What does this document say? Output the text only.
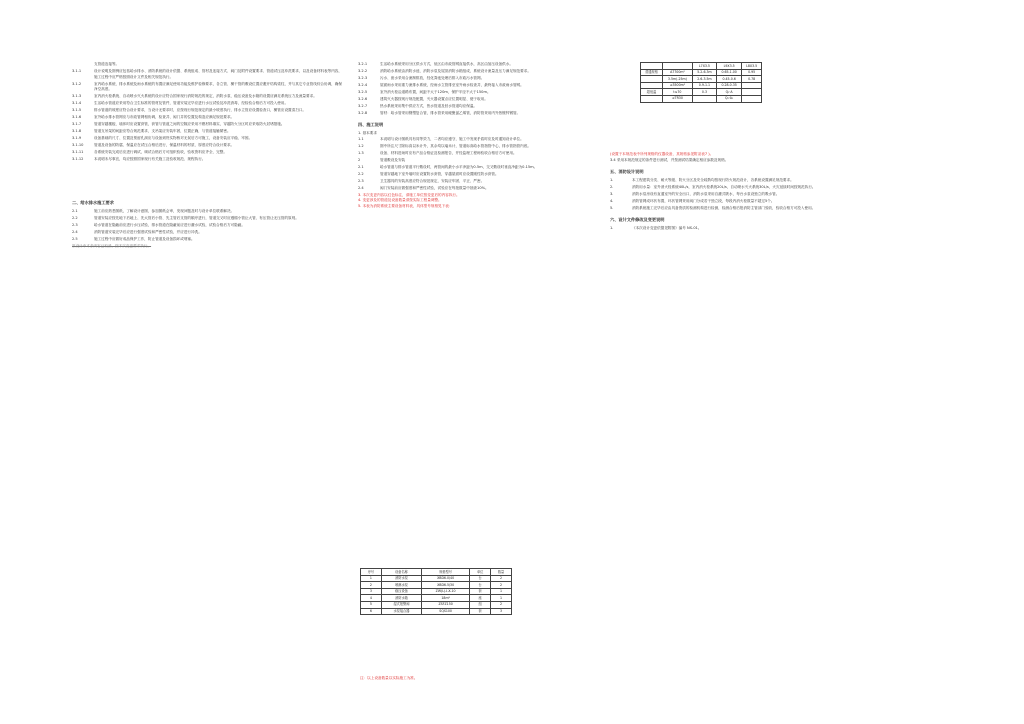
支管道连接等。
3.1.1	设计说明及图例应包括给水排水、消防系统的设计依据、系统组成、管材及连接方式、阀门及附件设置要求、管道试压及冲洗要求，以及设备材料表等内容，施工过程中应严格按照设计文件及相关规范执行。
3.1.2	室内给水系统、排水系统及雨水系统的布置应满足使用功能及维护检修要求，各立管、横干管的敷设位置应避开结构梁柱，并与其它专业管线综合协调，确保净空高度。
3.1.3	室内消火栓系统、自动喷水灭火系统的设计应符合国家现行消防规范的规定，消防水泵、稳压设备及水箱的设置应满足系统压力及流量要求。
3.1.4	生活给水管道应采用符合卫生标准的管材及管件，管道安装完毕应进行水压试验及冲洗消毒，经检验合格后方可投入使用。
3.1.5	排水管道的坡度应符合设计要求，当设计无要求时，应按现行规范规定的最小坡度执行，排水立管应设置检查口，横管应设置清扫口。
3.1.6	室外给水排水管网应与市政管网相协调，检查井、阀门井的位置及构造应满足规范要求。
3.1.7	管道穿越楼板、墙体时应设置套管，套管与管道之间的空隙应采用不燃材料填实，穿越防火分区时应采取防火封堵措施。
3.1.8	管道支吊架的间距应符合规范要求，支吊架应安装牢固，位置正确，与管道接触紧密。
3.1.9	设备基础的尺寸、位置及预留孔洞应与设备到货实物核对无误后方可施工，设备安装应平稳、牢固。
3.1.10	管道及设备的防腐、保温应在试压合格后进行，保温材料的材质、厚度应符合设计要求。
3.1.11	各系统安装完成后应进行调试，调试合格后方可组织验收，验收资料应齐全、完整。
3.1.12	本说明未尽事宜，均应按照国家现行有关施工及验收规范、规程执行。
二、给水排水施工要求
2.1	施工前应熟悉图纸，了解设计意图，参加图纸会审，发现问题及时与设计单位联系解决。
2.2	管道安装应按先地下后地上、先大管后小管、先主管后支管的顺序进行，管道交叉时应遵循小管让大管、有压管让无压管的原则。
2.3	给水管道在隐蔽前应进行水压试验，排水管道在隐蔽前应进行灌水试验，试验合格后方可隐蔽。
2.4	消防管道安装完毕后应进行强度试验和严密性试验，并应进行冲洗。
2.5	施工过程中应做好成品保护工作，防止管道及设备损坏或堵塞。
原设计中本条内容已取消，按本次变更要求执行。
3.2.1	生活给水系统采用分区供水方式，低区由市政管网直接供水，高区由加压设备供水。
3.2.2	消防给水系统由消防水池、消防水泵及屋顶消防水箱组成，系统设计流量及压力满足规范要求。
3.2.3	污水、废水采用合流制排放，经化粪池处理后排入市政污水管网。
3.2.4	屋面雨水采用重力流排水系统，经雨水立管排至室外雨水检查井，最终接入市政雨水管网。
3.2.5	室外消火栓沿道路布置，间距不大于120m，保护半径不大于150m。
3.2.6	建筑灭火器按现行规范配置，灭火器设置点应位置明显、便于取用。
3.2.7	热水系统采用集中供应方式，热水管道及回水管道均应保温。
3.2.8	管材：给水管采用钢塑复合管，排水管采用硬聚氯乙烯管，消防管采用内外热镀锌钢管。
四、施工说明
1. 基本要求
1.1	本说明与设计图纸具有同等效力，二者均应遵守，施工中发现矛盾时应及时通知设计单位。
1.2	图中所注尺寸除标高以米计外，其余均以毫米计，管道标高给水管指管中心，排水管指管内底。
1.3	设备、材料进场时应有产品合格证及检测报告，并经监理工程师验收合格后方可使用。
2	管道敷设及安装
2.1	给水管道与排水管道平行敷设时，两管间的最小水平净距为0.5m，交叉敷设时垂直净距为0.15m。
2.2	管道穿越地下室外墙时应设置防水套管，穿越屋面时应设置刚性防水套管。
2.3	卫生器具的安装高度应符合规范规定，安装应牢固、平正、严密。
2.4	阀门安装前应做强度和严密性试验，试验应在每批数量中抽查10%。
3. 本次变更内容以红色标注，请施工单位按变更后的内容执行。
4. 变更涉及的管道及设备数量请按实际工程量调整。
5. 本表为消防系统主要设备材料表，具体型号规格见下表：
序号	设备名称	规格型号	单位	数量
1	消防水泵	XBD6.0/40	台	2
2	喷淋水泵	XBD6.5/30	台	2
3	稳压设备	ZW(L)-I-X-10	套	1
4	消防水箱	18m³	座	1
5	湿式报警阀	ZSFZ150	组	2
6	水泵接合器	SQS100	套	3
注：以上设备数量以实际施工为准。
		L7X3.5	L9X3.5	L8X3.5
普通规格	A7700m²	5.2-6.3m	0.65-1.00	0.95
	3.5m(-25m)	2.6-3.5m	0.45-0.6	0.78
	≥3500m²	0.9-1.1	0.28-0.35	
超低温	t≤70	0.3	Q₁·A	
	≥TR30		Q₂·A₁	
(设置于本规范表中所列规格的仪器设备，其规格参见附录表7 )。
3.4 采用本规范规定的条件进行测试，并按测试结果确定相应参数及规格。
五、消防设计说明
1.	本工程建筑分类、耐火等级、防火分区及安全疏散均按现行防火规范设计，各系统设置满足规范要求。
2.	消防用水量：室外消火栓系统40L/s，室内消火栓系统20L/s，自动喷水灭火系统30L/s，火灾延续时间按规范执行。
3.	消防水泵房设有直通室外的安全出口，消防水泵采用自灌式吸水，每台水泵设独立的吸水管。
4.	消防管网成环状布置，环状管网采用阀门分成若干独立段，每段内消火栓数量不超过5个。
5.	消防系统施工完毕后应由具备资质的检测机构进行检测，检测合格后报消防主管部门验收，验收合格方可投入使用。
六、设计文件修改及变更说明
1.	《本次设计变更依据见附图》编号 NS-01。
